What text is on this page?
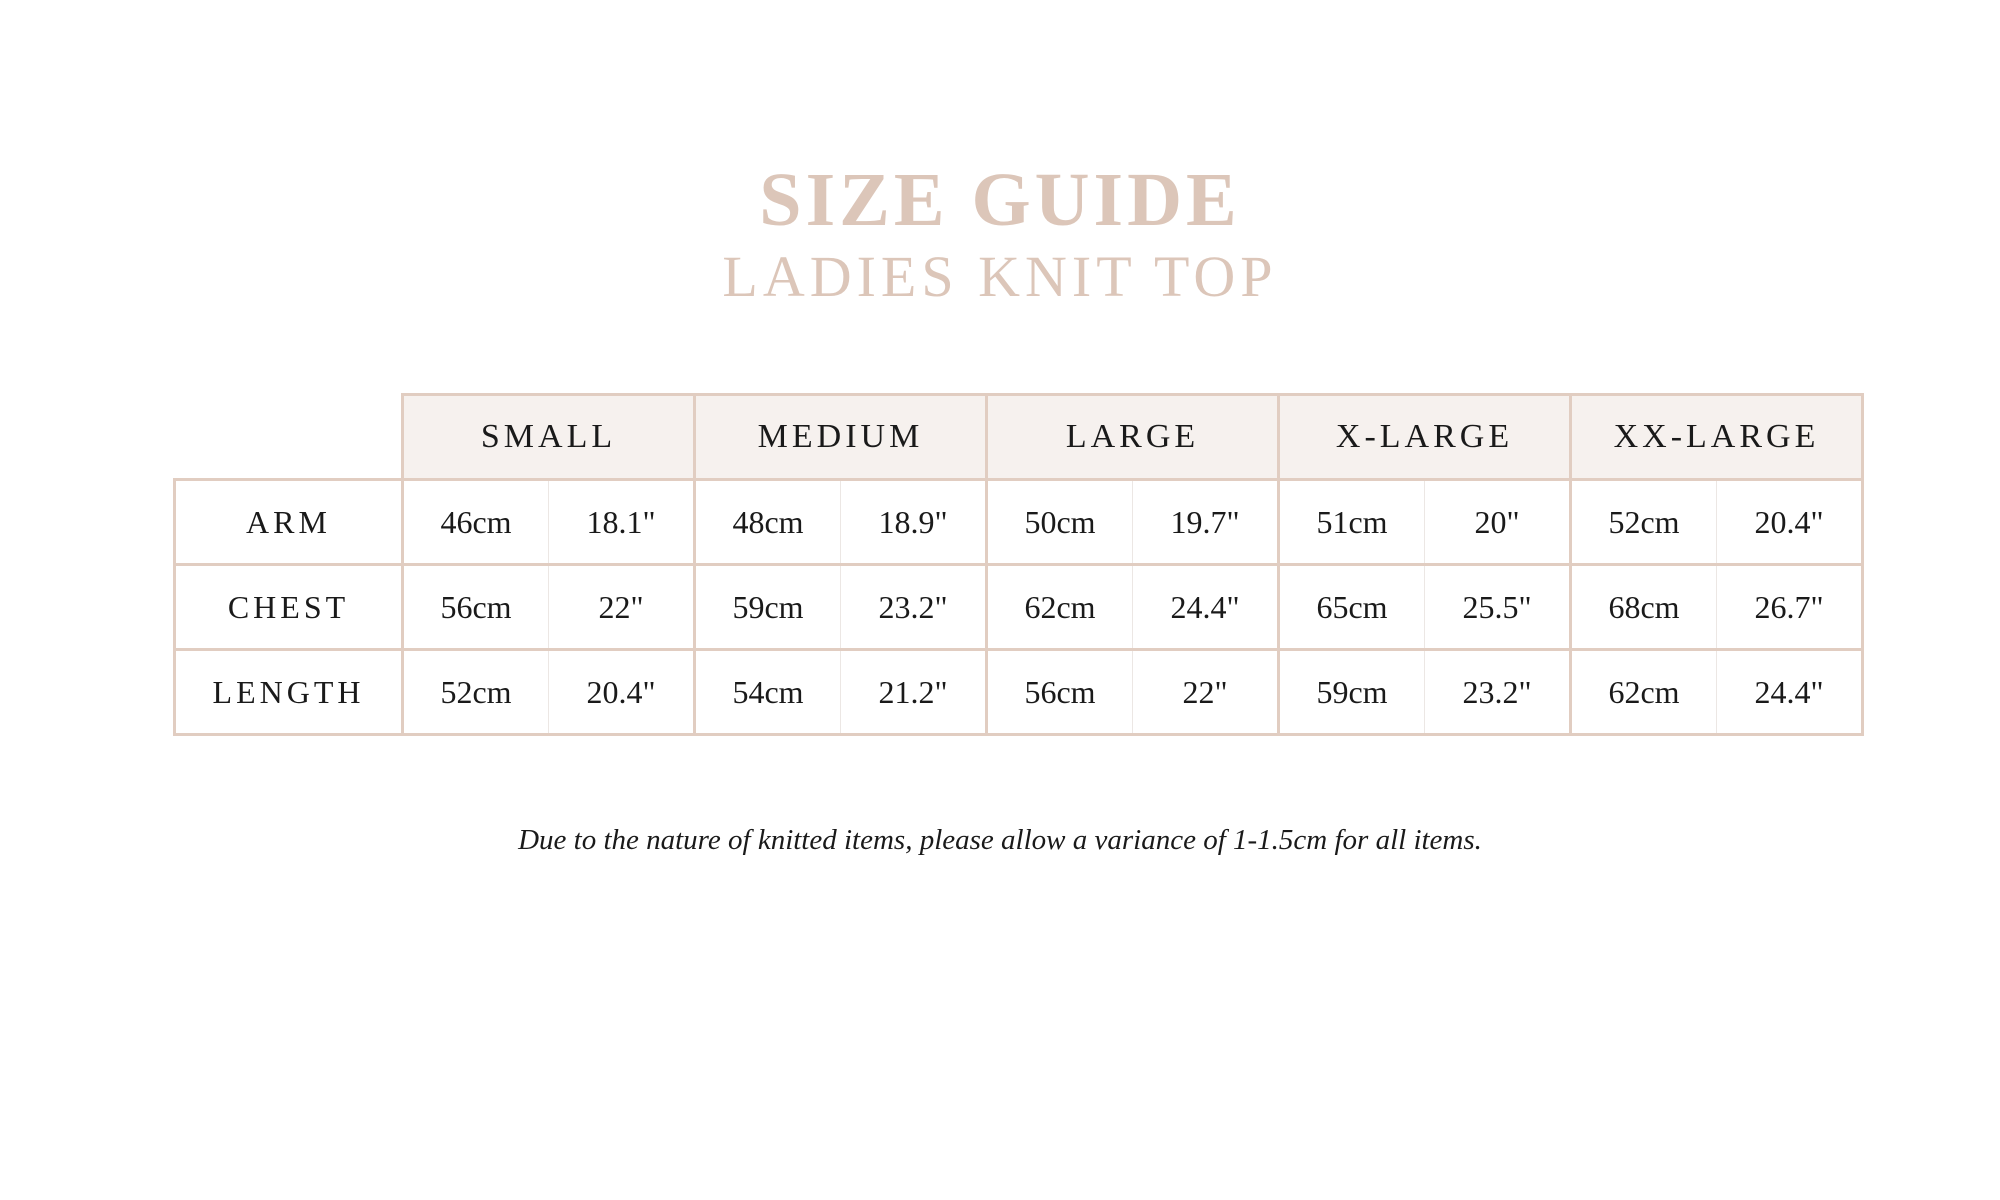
SIZE GUIDE
LADIES KNIT TOP
	SMALL		MEDIUM		LARGE		X-LARGE		XX-LARGE	
ARM	46cm	18.1"	48cm	18.9"	50cm	19.7"	51cm	20"	52cm	20.4"
CHEST	56cm	22"	59cm	23.2"	62cm	24.4"	65cm	25.5"	68cm	26.7"
LENGTH	52cm	20.4"	54cm	21.2"	56cm	22"	59cm	23.2"	62cm	24.4"
Due to the nature of knitted items, please allow a variance of 1-1.5cm for all items.
